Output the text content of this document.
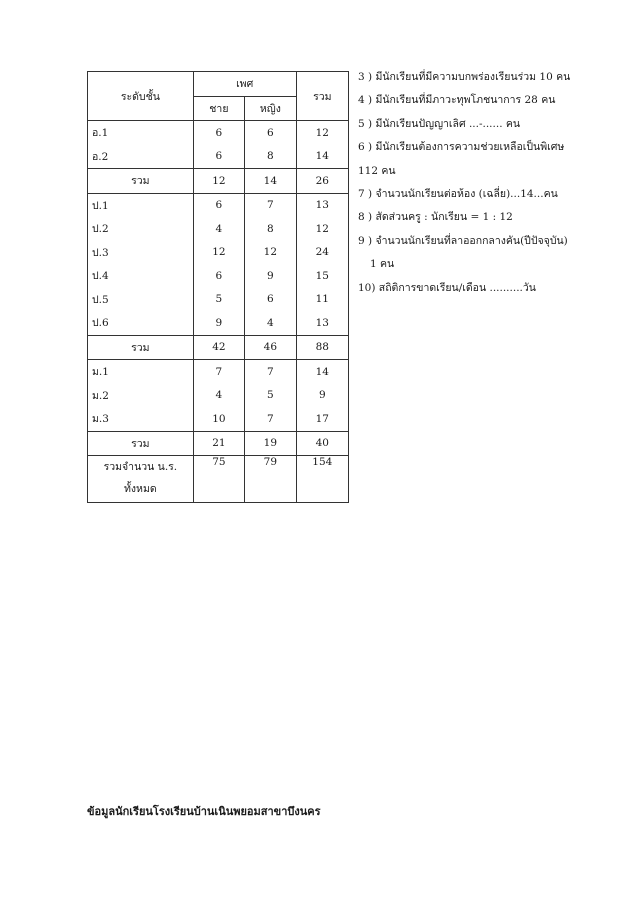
ระดับชั้น	เพศ		รวม
	ชาย	หญิง	
อ.1	6	6	12
อ.2	6	8	14
รวม	12	14	26
ป.1	6	7	13
ป.2	4	8	12
ป.3	12	12	24
ป.4	6	9	15
ป.5	5	6	11
ป.6	9	4	13
รวม	42	46	88
ม.1	7	7	14
ม.2	4	5	9
ม.3	10	7	17
รวม	21	19	40

รวมจำนวน น.ร.
ทั้งหมด	75	79	154
3 ) มีนักเรียนที่มีความบกพร่องเรียนร่วม 10 คน
4 ) มีนักเรียนที่มีภาวะทุพโภชนาการ 28 คน
5 ) มีนักเรียนปัญญาเลิศ ...-...... คน
6 ) มีนักเรียนต้องการความช่วยเหลือเป็นพิเศษ
112 คน
7 ) จำนวนนักเรียนต่อห้อง (เฉลี่ย)...14...คน
8 ) สัดส่วนครู : นักเรียน = 1 : 12
9 ) จำนวนนักเรียนที่ลาออกกลางคัน(ปีปัจจุบัน)
1 คน
10) สถิติการขาดเรียน/เดือน ..........วัน
ข้อมูลนักเรียนโรงเรียนบ้านเนินพยอมสาขาบึงนคร
